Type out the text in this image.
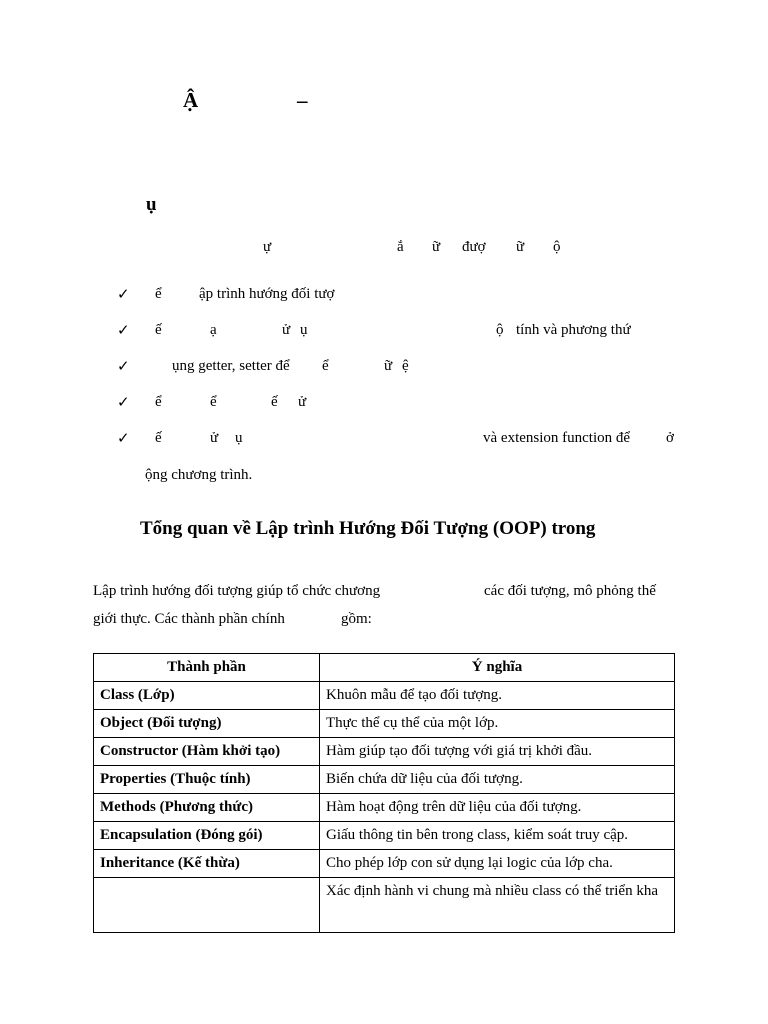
Ậ	–
ụ
ự	ắ ữ đượ ữ ộ
✓ ể ập trình hướng đối tượ
✓ ế	ạ	ử ụ	ộ tính và phương thứ
✓	ụng getter, setter để ể	ữ ệ
✓ ể	ể	ế ử
✓ ế	ử ụ	và extension function để ở
ộng chương trình.
Tổng quan về Lập trình Hướng Đối Tượng (OOP) trong
Lập trình hướng đối tượng giúp tổ chức chương	các đối tượng, mô phỏng thế
giới thực. Các thành phần chính	gồm:
Thành phần	Ý nghĩa
Class (Lớp)	Khuôn mẫu để tạo đối tượng.
Object (Đối tượng)	Thực thể cụ thể của một lớp.
Constructor (Hàm khởi tạo)	Hàm giúp tạo đối tượng với giá trị khởi đầu.
Properties (Thuộc tính)	Biến chứa dữ liệu của đối tượng.
Methods (Phương thức)	Hàm hoạt động trên dữ liệu của đối tượng.
Encapsulation (Đóng gói)	Giấu thông tin bên trong class, kiểm soát truy cập.
Inheritance (Kế thừa)	Cho phép lớp con sử dụng lại logic của lớp cha.
	Xác định hành vi chung mà nhiều class có thể triển kha
